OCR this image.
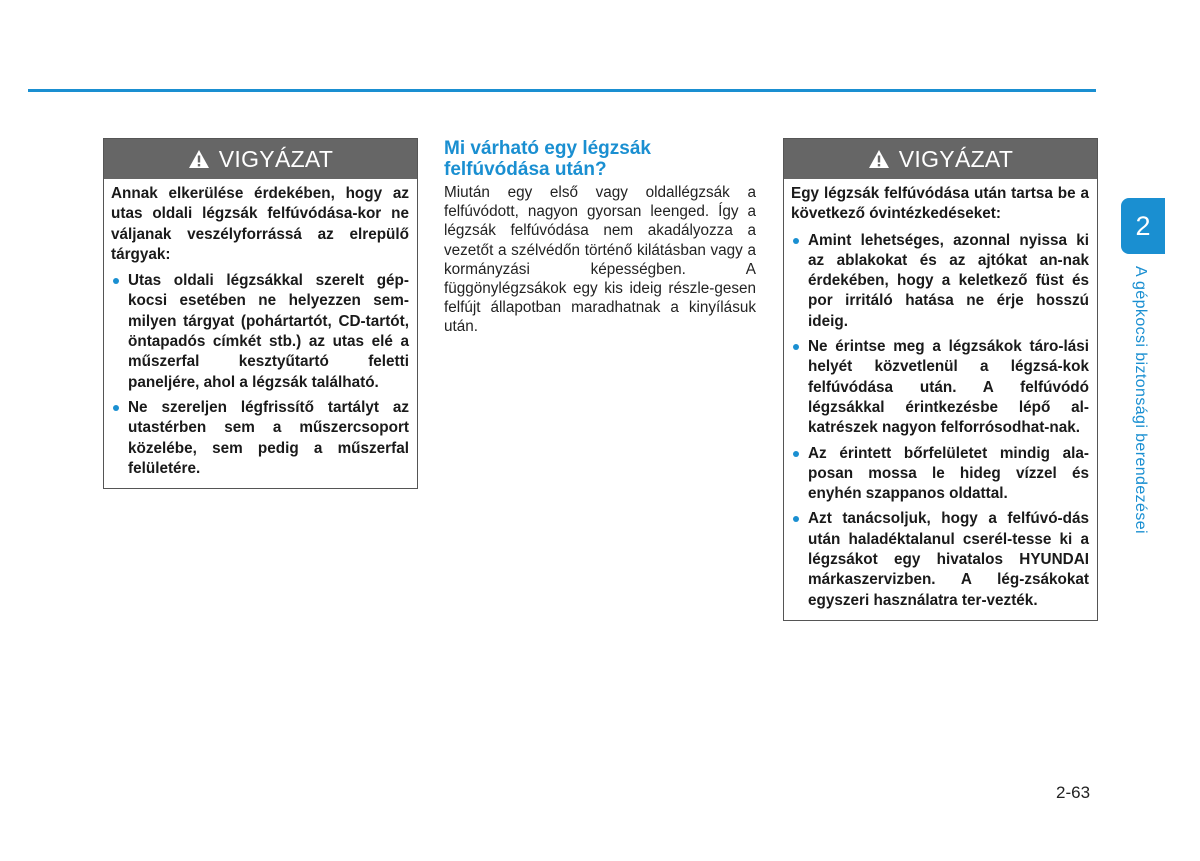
VIGYÁZAT

Annak elkerülése érdekében, hogy az utas oldali légzsák felfúvódása-kor ne váljanak veszélyforrássá az elrepülő tárgyak:

Utas oldali légzsákkal szerelt gép-kocsi esetében ne helyezzen sem-milyen tárgyat (pohártartót, CD-tartót, öntapadós címkét stb.) az utas elé a műszerfal kesztyűtartó feletti paneljére, ahol a légzsák található.
Ne szereljen légfrissítő tartályt az utastérben sem a műszercsoport közelébe, sem pedig a műszerfal felületére.
Mi várható egy légzsák felfúvódása után?

Miután egy első vagy oldallégzsák a felfúvódott, nagyon gyorsan leenged. Így a légzsák felfúvódása nem akadályozza a vezetőt a szélvédőn történő kilátásban vagy a kormányzási képességben. A függönylégzsákok egy kis ideig részle-gesen felfújt állapotban maradhatnak a kinyílásuk után.

VIGYÁZAT

Egy légzsák felfúvódása után tartsa be a következő óvintézkedéseket:

Amint lehetséges, azonnal nyissa ki az ablakokat és az ajtókat an-nak érdekében, hogy a keletkező füst és por irritáló hatása ne érje hosszú ideig.
Ne érintse meg a légzsákok táro-lási helyét közvetlenül a légzsá-kok felfúvódása után. A felfúvódó légzsákkal érintkezésbe lépő al-katrészek nagyon felforrósodhat-nak.
Az érintett bőrfelületet mindig ala-posan mossa le hideg vízzel és enyhén szappanos oldattal.
Azt tanácsoljuk, hogy a felfúvó-dás után haladéktalanul cserél-tesse ki a légzsákot egy hivatalos HYUNDAI márkaszervizben. A lég-zsákokat egyszeri használatra ter-vezték.
2
A gépkocsi biztonsági berendezései
2-63
